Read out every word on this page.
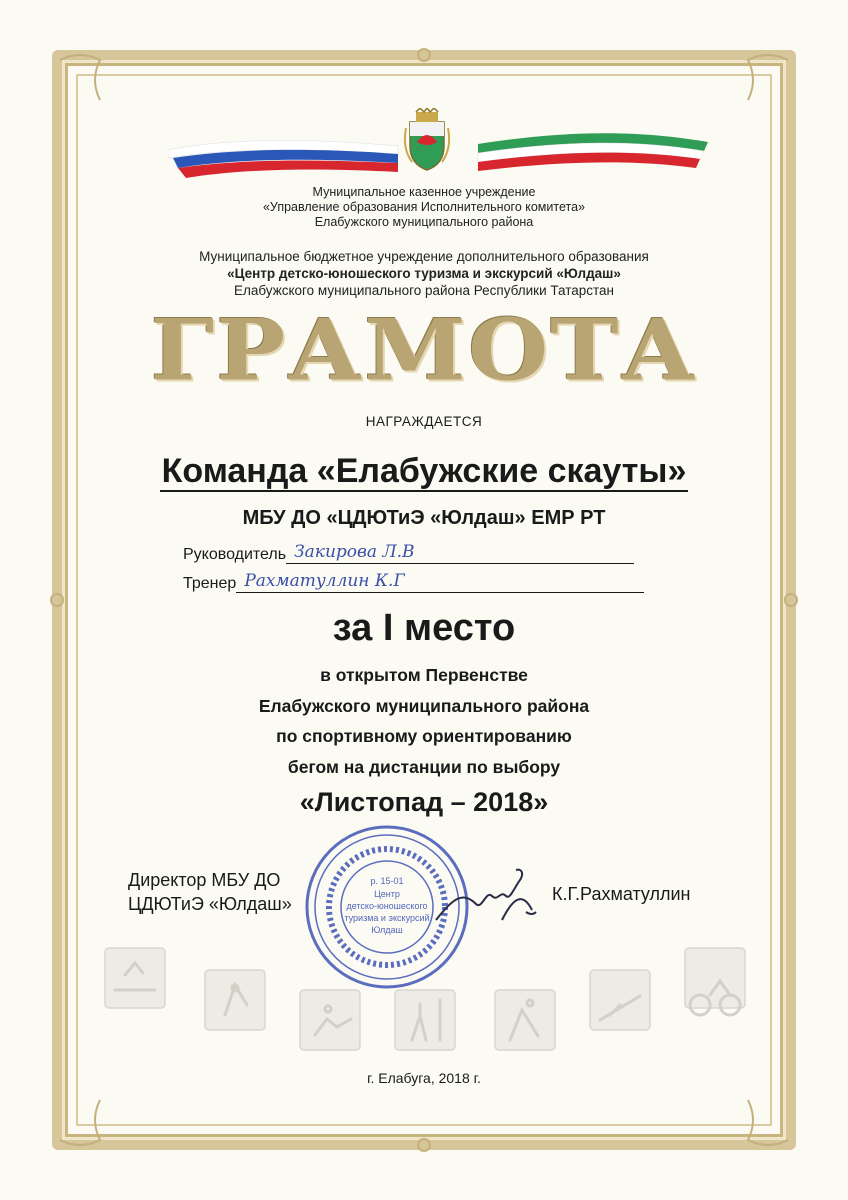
Муниципальное казенное учреждение
«Управление образования Исполнительного комитета»
Елабужского муниципального района
Муниципальное бюджетное учреждение дополнительного образования
«Центр детско-юношеского туризма и экскурсий «Юлдаш»
Елабужского муниципального района Республики Татарстан
ГРАМОТА
НАГРАЖДАЕТСЯ
Команда «Елабужские скауты»
МБУ ДО «ЦДЮТиЭ «Юлдаш» ЕМР РТ
Руководитель Закирова Л.В
Тренер Рахматуллин К.Г
за I место
в открытом Первенстве
Елабужского муниципального района
по спортивному ориентированию
бегом на дистанции по выбору
«Листопад – 2018»
Директор МБУ ДО
ЦДЮТиЭ «Юлдаш»	К.Г.Рахматуллин
р. 15-01
Центр
детско-юношеского
туризма и экскурсий
Юлдаш
г. Елабуга, 2018 г.
